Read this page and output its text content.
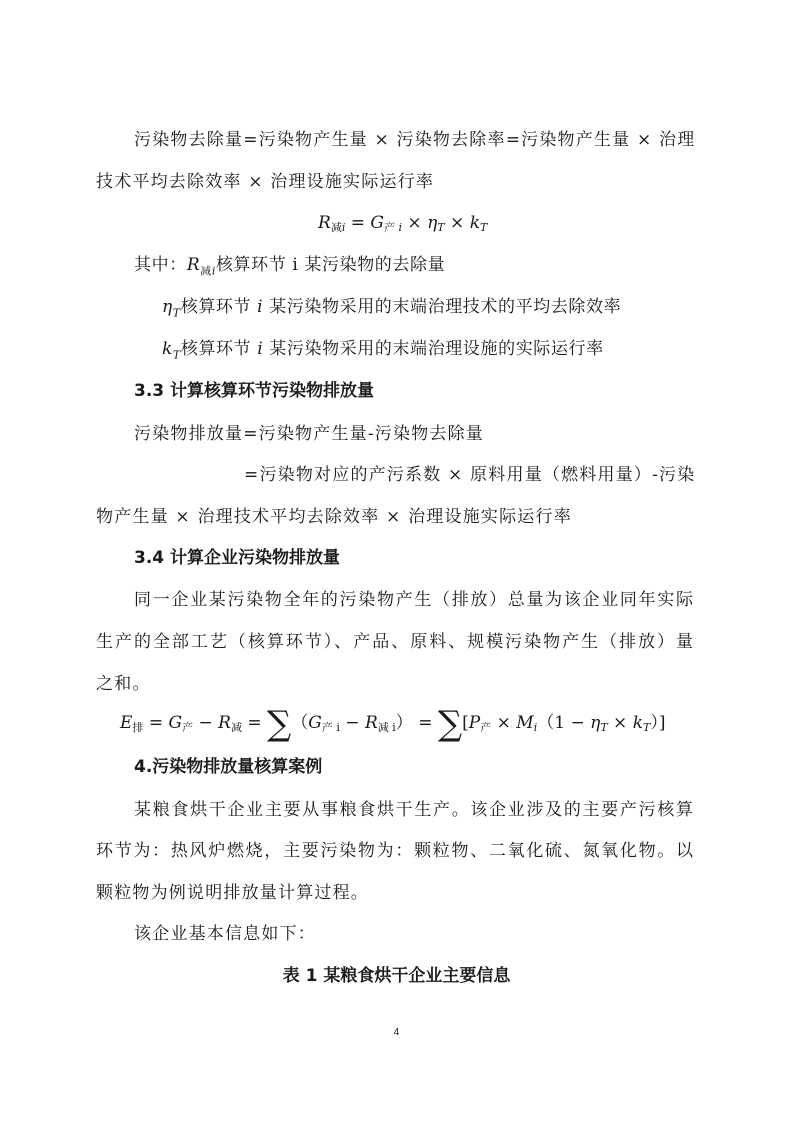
污染物去除量=污染物产生量 × 污染物去除率=污染物产生量 × 治理
技术平均去除效率 × 治理设施实际运行率
$R_{减i} = G_{产 i} \times \eta_T \times k_T$
其中：$R_{减i}$核算环节 i 某污染物的去除量
$\eta_T$核算环节 i 某污染物采用的末端治理技术的平均去除效率
$k_T$核算环节 i 某污染物采用的末端治理设施的实际运行率
3.3 计算核算环节污染物排放量
污染物排放量=污染物产生量-污染物去除量
=污染物对应的产污系数 × 原料用量（燃料用量）-污染
物产生量 × 治理技术平均去除效率 × 治理设施实际运行率
3.4 计算企业污染物排放量
同一企业某污染物全年的污染物产生（排放）总量为该企业同年实际
生产的全部工艺（核算环节）、产品、原料、规模污染物产生（排放）量
之和。
$E_排 = G_产 - R_减 = \sum(G_{产 i} - R_{减 i}) = \sum[P_产 \times M_i(1 - \eta_T \times k_T)]$
4.污染物排放量核算案例
某粮食烘干企业主要从事粮食烘干生产。该企业涉及的主要产污核算
环节为：热风炉燃烧，主要污染物为：颗粒物、二氧化硫、氮氧化物。以
颗粒物为例说明排放量计算过程。
该企业基本信息如下：
表 1 某粮食烘干企业主要信息
4
